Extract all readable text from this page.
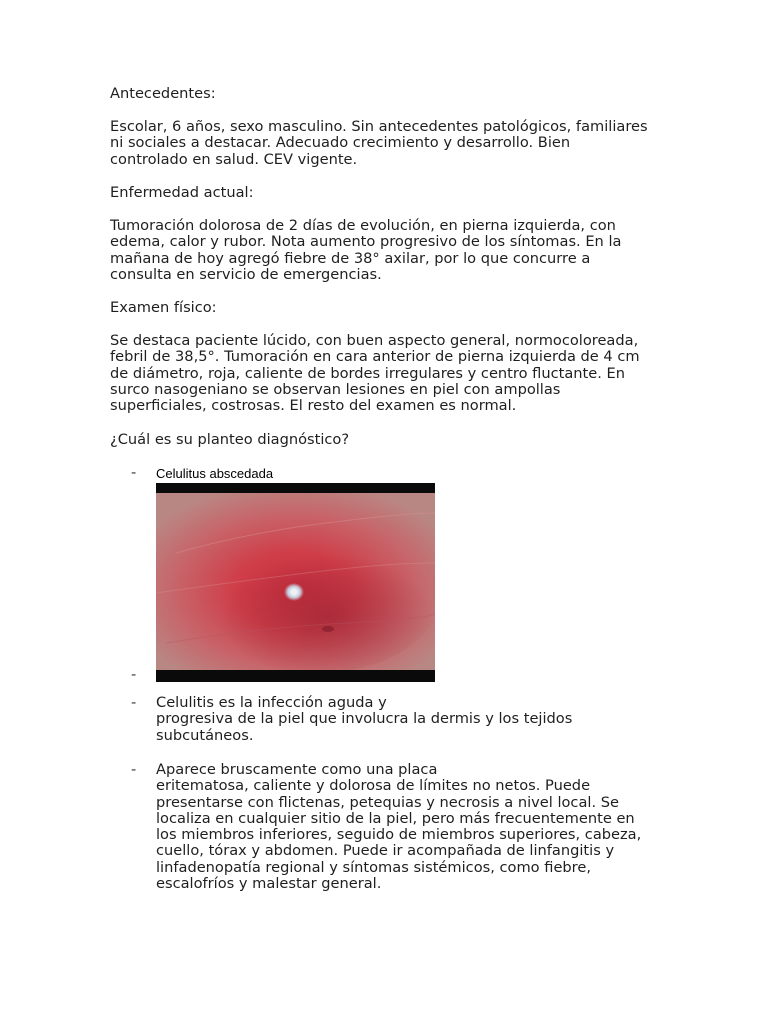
Antecedentes:

Escolar, 6 años, sexo masculino. Sin antecedentes patológicos, familiares
ni sociales a destacar. Adecuado crecimiento y desarrollo. Bien
controlado en salud. CEV vigente.

Enfermedad actual:

Tumoración dolorosa de 2 días de evolución, en pierna izquierda, con
edema, calor y rubor. Nota aumento progresivo de los síntomas. En la
mañana de hoy agregó fiebre de 38° axilar, por lo que concurre a
consulta en servicio de emergencias.

Examen físico:

Se destaca paciente lúcido, con buen aspecto general, normocoloreada,
febril de 38,5°. Tumoración en cara anterior de pierna izquierda de 4 cm
de diámetro, roja, caliente de bordes irregulares y centro fluctante. En
surco nasogeniano se observan lesiones en piel con ampollas
superficiales, costrosas. El resto del examen es normal.

¿Cuál es su planteo diagnóstico?

- Celulitus abscedada

-

- Celulitis es la infección aguda y
progresiva de la piel que involucra la dermis y los tejidos
subcutáneos.

- Aparece bruscamente como una placa
eritematosa, caliente y dolorosa de límites no netos. Puede
presentarse con flictenas, petequias y necrosis a nivel local. Se
localiza en cualquier sitio de la piel, pero más frecuentemente en
los miembros inferiores, seguido de miembros superiores, cabeza,
cuello, tórax y abdomen. Puede ir acompañada de linfangitis y
linfadenopatía regional y síntomas sistémicos, como fiebre,
escalofríos y malestar general.
